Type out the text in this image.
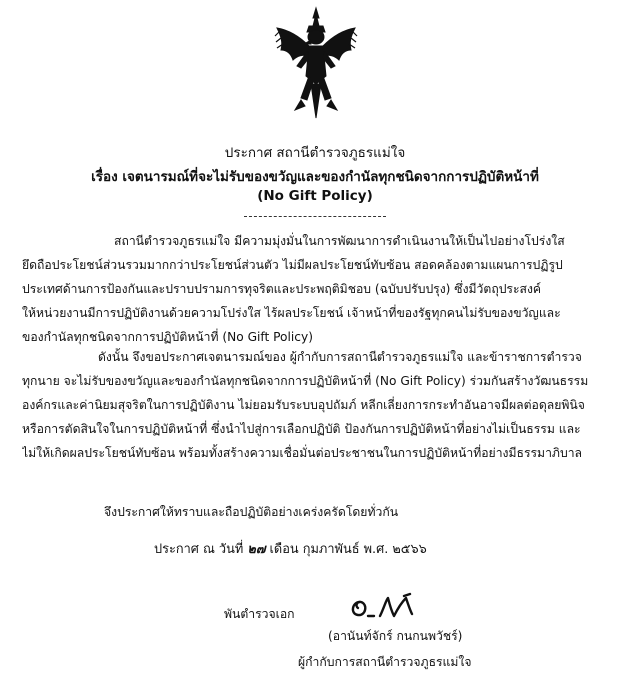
ประกาศ สถานีตำรวจภูธรแม่ใจ
เรื่อง เจตนารมณ์ที่จะไม่รับของขวัญและของกำนัลทุกชนิดจากการปฏิบัติหน้าที่
(No Gift Policy)
สถานีตำรวจภูธรแม่ใจ มีความมุ่งมั่นในการพัฒนาการดำเนินงานให้เป็นไปอย่างโปร่งใส
ยึดถือประโยชน์ส่วนรวมมากกว่าประโยชน์ส่วนตัว ไม่มีผลประโยชน์ทับซ้อน สอดคล้องตามแผนการปฏิรูป
ประเทศด้านการป้องกันและปราบปรามการทุจริตและประพฤติมิชอบ (ฉบับปรับปรุง) ซึ่งมีวัตถุประสงค์
ให้หน่วยงานมีการปฏิบัติงานด้วยความโปร่งใส ไร้ผลประโยชน์ เจ้าหน้าที่ของรัฐทุกคนไม่รับของขวัญและ
ของกำนัลทุกชนิดจากการปฏิบัติหน้าที่ (No Gift Policy)
ดังนั้น จึงขอประกาศเจตนารมณ์ของ ผู้กำกับการสถานีตำรวจภูธรแม่ใจ และข้าราชการตำรวจ
ทุกนาย จะไม่รับของขวัญและของกำนัลทุกชนิดจากการปฏิบัติหน้าที่ (No Gift Policy) ร่วมกันสร้างวัฒนธรรม
องค์กรและค่านิยมสุจริตในการปฏิบัติงาน ไม่ยอมรับระบบอุปถัมภ์ หลีกเลี่ยงการกระทำอันอาจมีผลต่อดุลยพินิจ
หรือการตัดสินใจในการปฏิบัติหน้าที่ ซึ่งนำไปสู่การเลือกปฏิบัติ ป้องกันการปฏิบัติหน้าที่อย่างไม่เป็นธรรม และ
ไม่ให้เกิดผลประโยชน์ทับซ้อน พร้อมทั้งสร้างความเชื่อมั่นต่อประชาชนในการปฏิบัติหน้าที่อย่างมีธรรมาภิบาล
จึงประกาศให้ทราบและถือปฏิบัติอย่างเคร่งครัดโดยทั่วกัน
ประกาศ ณ วันที่ ๒๗ เดือน กุมภาพันธ์ พ.ศ. ๒๕๖๖
พันตำรวจเอก
(อานันท์จักร์ กนกนพวัชร์)
ผู้กำกับการสถานีตำรวจภูธรแม่ใจ
